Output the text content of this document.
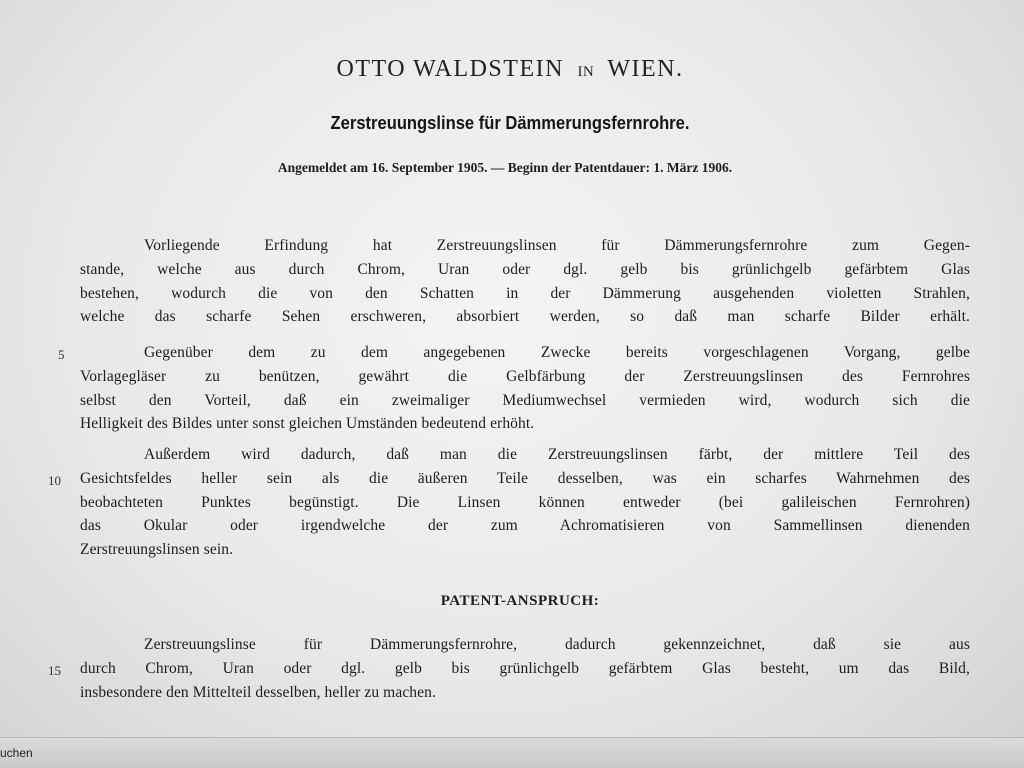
OTTO WALDSTEIN IN WIEN.
Zerstreuungslinse für Dämmerungsfernrohre.
Angemeldet am 16. September 1905. — Beginn der Patentdauer: 1. März 1906.
Vorliegende Erfindung hat Zerstreuungslinsen für Dämmerungsfernrohre zum Gegen-
stande, welche aus durch Chrom, Uran oder dgl. gelb bis grünlichgelb gefärbtem Glas
bestehen, wodurch die von den Schatten in der Dämmerung ausgehenden violetten Strahlen,
welche das scharfe Sehen erschweren, absorbiert werden, so daß man scharfe Bilder erhält.
5	Gegenüber dem zu dem angegebenen Zwecke bereits vorgeschlagenen Vorgang, gelbe
Vorlagegläser zu benützen, gewährt die Gelbfärbung der Zerstreuungslinsen des Fernrohres
selbst den Vorteil, daß ein zweimaliger Mediumwechsel vermieden wird, wodurch sich die
Helligkeit des Bildes unter sonst gleichen Umständen bedeutend erhöht.
10
Außerdem wird dadurch, daß man die Zerstreuungslinsen färbt, der mittlere Teil des
Gesichtsfeldes heller sein als die äußeren Teile desselben, was ein scharfes Wahrnehmen des
beobachteten Punktes begünstigt. Die Linsen können entweder (bei galileischen Fernrohren)
das Okular oder irgendwelche der zum Achromatisieren von Sammellinsen dienenden
Zerstreuungslinsen sein.
PATENT-ANSPRUCH:
15
Zerstreuungslinse für Dämmerungsfernrohre, dadurch gekennzeichnet, daß sie aus
durch Chrom, Uran oder dgl. gelb bis grünlichgelb gefärbtem Glas besteht, um das Bild,
insbesondere den Mittelteil desselben, heller zu machen.
uchen
